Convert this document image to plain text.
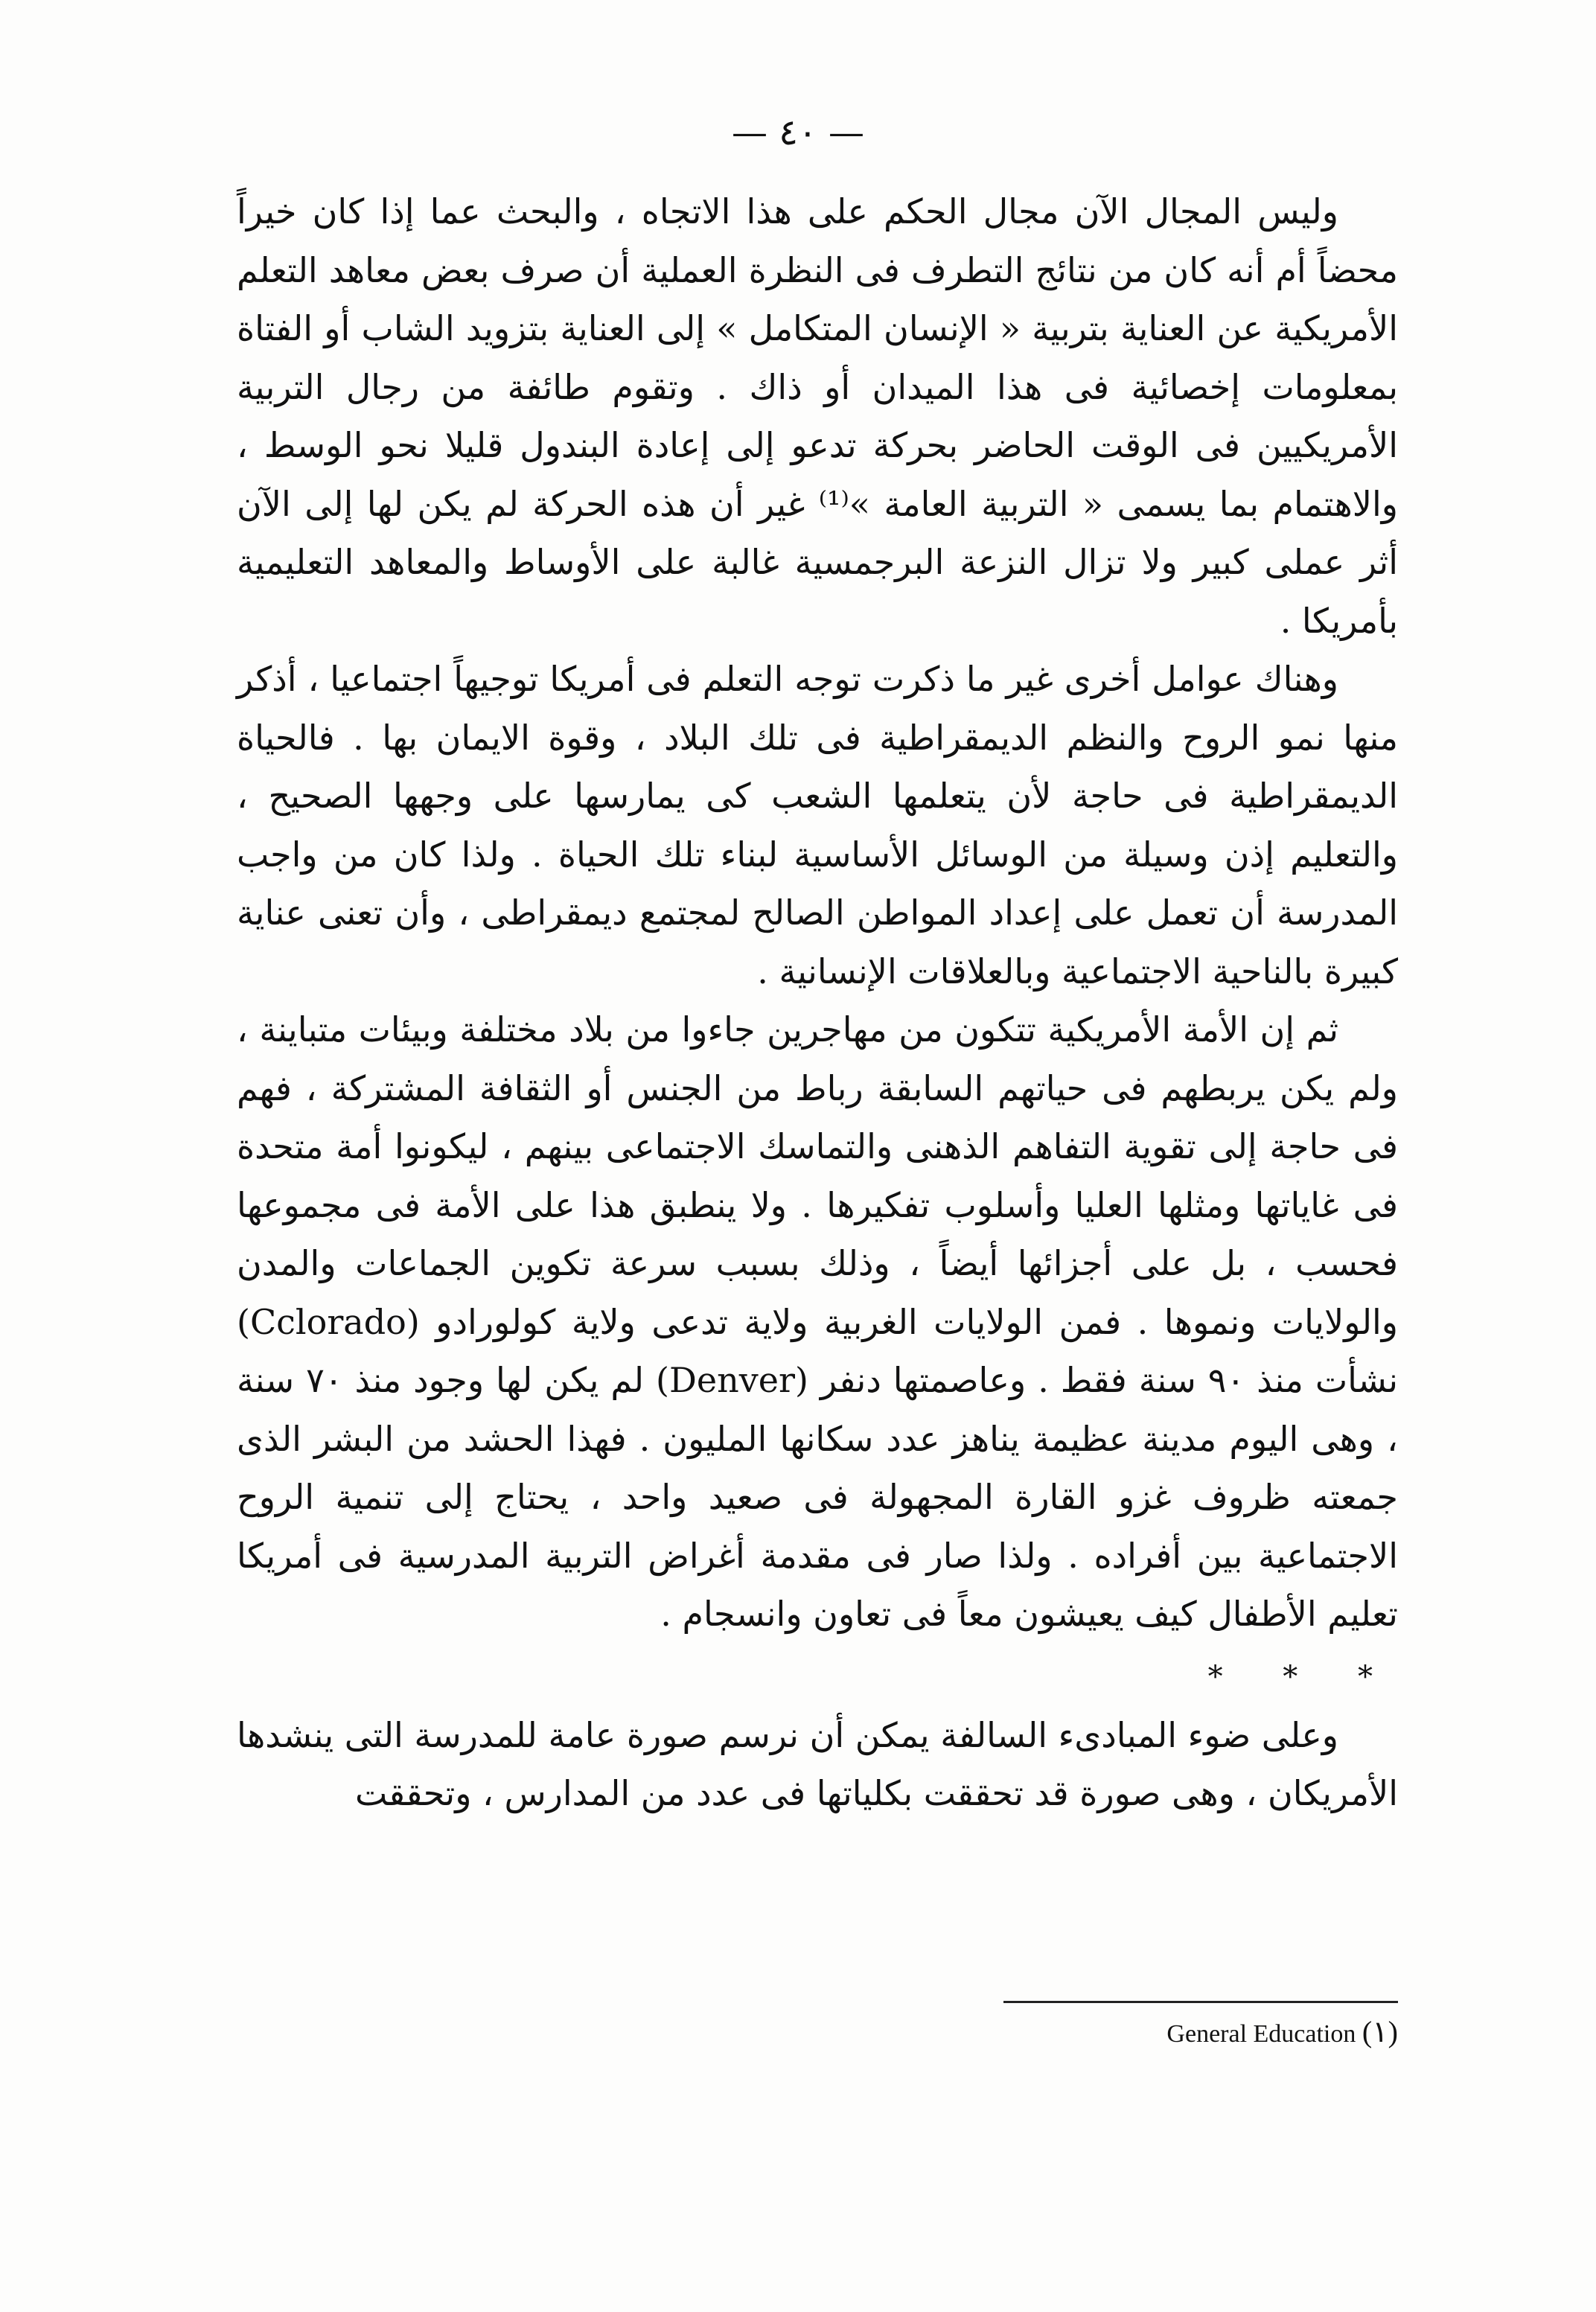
— ٤٠ —

وليس المجال الآن مجال الحكم على هذا الاتجاه ، والبحث عما إذا كان خيراً محضاً أم أنه كان من نتائج التطرف فى النظرة العملية أن صرف بعض معاهد التعلم الأمريكية عن العناية بتربية « الإنسان المتكامل » إلى العناية بتزويد الشاب أو الفتاة بمعلومات إخصائية فى هذا الميدان أو ذاك . وتقوم طائفة من رجال التربية الأمريكيين فى الوقت الحاضر بحركة تدعو إلى إعادة البندول قليلا نحو الوسط ، والاهتمام بما يسمى « التربية العامة »⁽¹⁾ غير أن هذه الحركة لم يكن لها إلى الآن أثر عملى كبير ولا تزال النزعة البرجمسية غالبة على الأوساط والمعاهد التعليمية بأمريكا .

وهناك عوامل أخرى غير ما ذكرت توجه التعلم فى أمريكا توجيهاً اجتماعيا ، أذكر منها نمو الروح والنظم الديمقراطية فى تلك البلاد ، وقوة الايمان بها . فالحياة الديمقراطية فى حاجة لأن يتعلمها الشعب كى يمارسها على وجهها الصحيح ، والتعليم إذن وسيلة من الوسائل الأساسية لبناء تلك الحياة . ولذا كان من واجب المدرسة أن تعمل على إعداد المواطن الصالح لمجتمع ديمقراطى ، وأن تعنى عناية كبيرة بالناحية الاجتماعية وبالعلاقات الإنسانية .

ثم إن الأمة الأمريكية تتكون من مهاجرين جاءوا من بلاد مختلفة وبيئات متباينة ، ولم يكن يربطهم فى حياتهم السابقة رباط من الجنس أو الثقافة المشتركة ، فهم فى حاجة إلى تقوية التفاهم الذهنى والتماسك الاجتماعى بينهم ، ليكونوا أمة متحدة فى غاياتها ومثلها العليا وأسلوب تفكيرها . ولا ينطبق هذا على الأمة فى مجموعها فحسب ، بل على أجزائها أيضاً ، وذلك بسبب سرعة تكوين الجماعات والمدن والولايات ونموها . فمن الولايات الغربية ولاية تدعى ولاية كولورادو (Cclorado) نشأت منذ ٩٠ سنة فقط . وعاصمتها دنفر (Denver) لم يكن لها وجود منذ ٧٠ سنة ، وهى اليوم مدينة عظيمة يناهز عدد سكانها المليون . فهذا الحشد من البشر الذى جمعته ظروف غزو القارة المجهولة فى صعيد واحد ، يحتاج إلى تنمية الروح الاجتماعية بين أفراده . ولذا صار فى مقدمة أغراض التربية المدرسية فى أمريكا تعليم الأطفال كيف يعيشون معاً فى تعاون وانسجام .

* * *

وعلى ضوء المبادىء السالفة يمكن أن نرسم صورة عامة للمدرسة التى ينشدها الأمريكان ، وهى صورة قد تحققت بكلياتها فى عدد من المدارس ، وتحققت

General Education (١)
